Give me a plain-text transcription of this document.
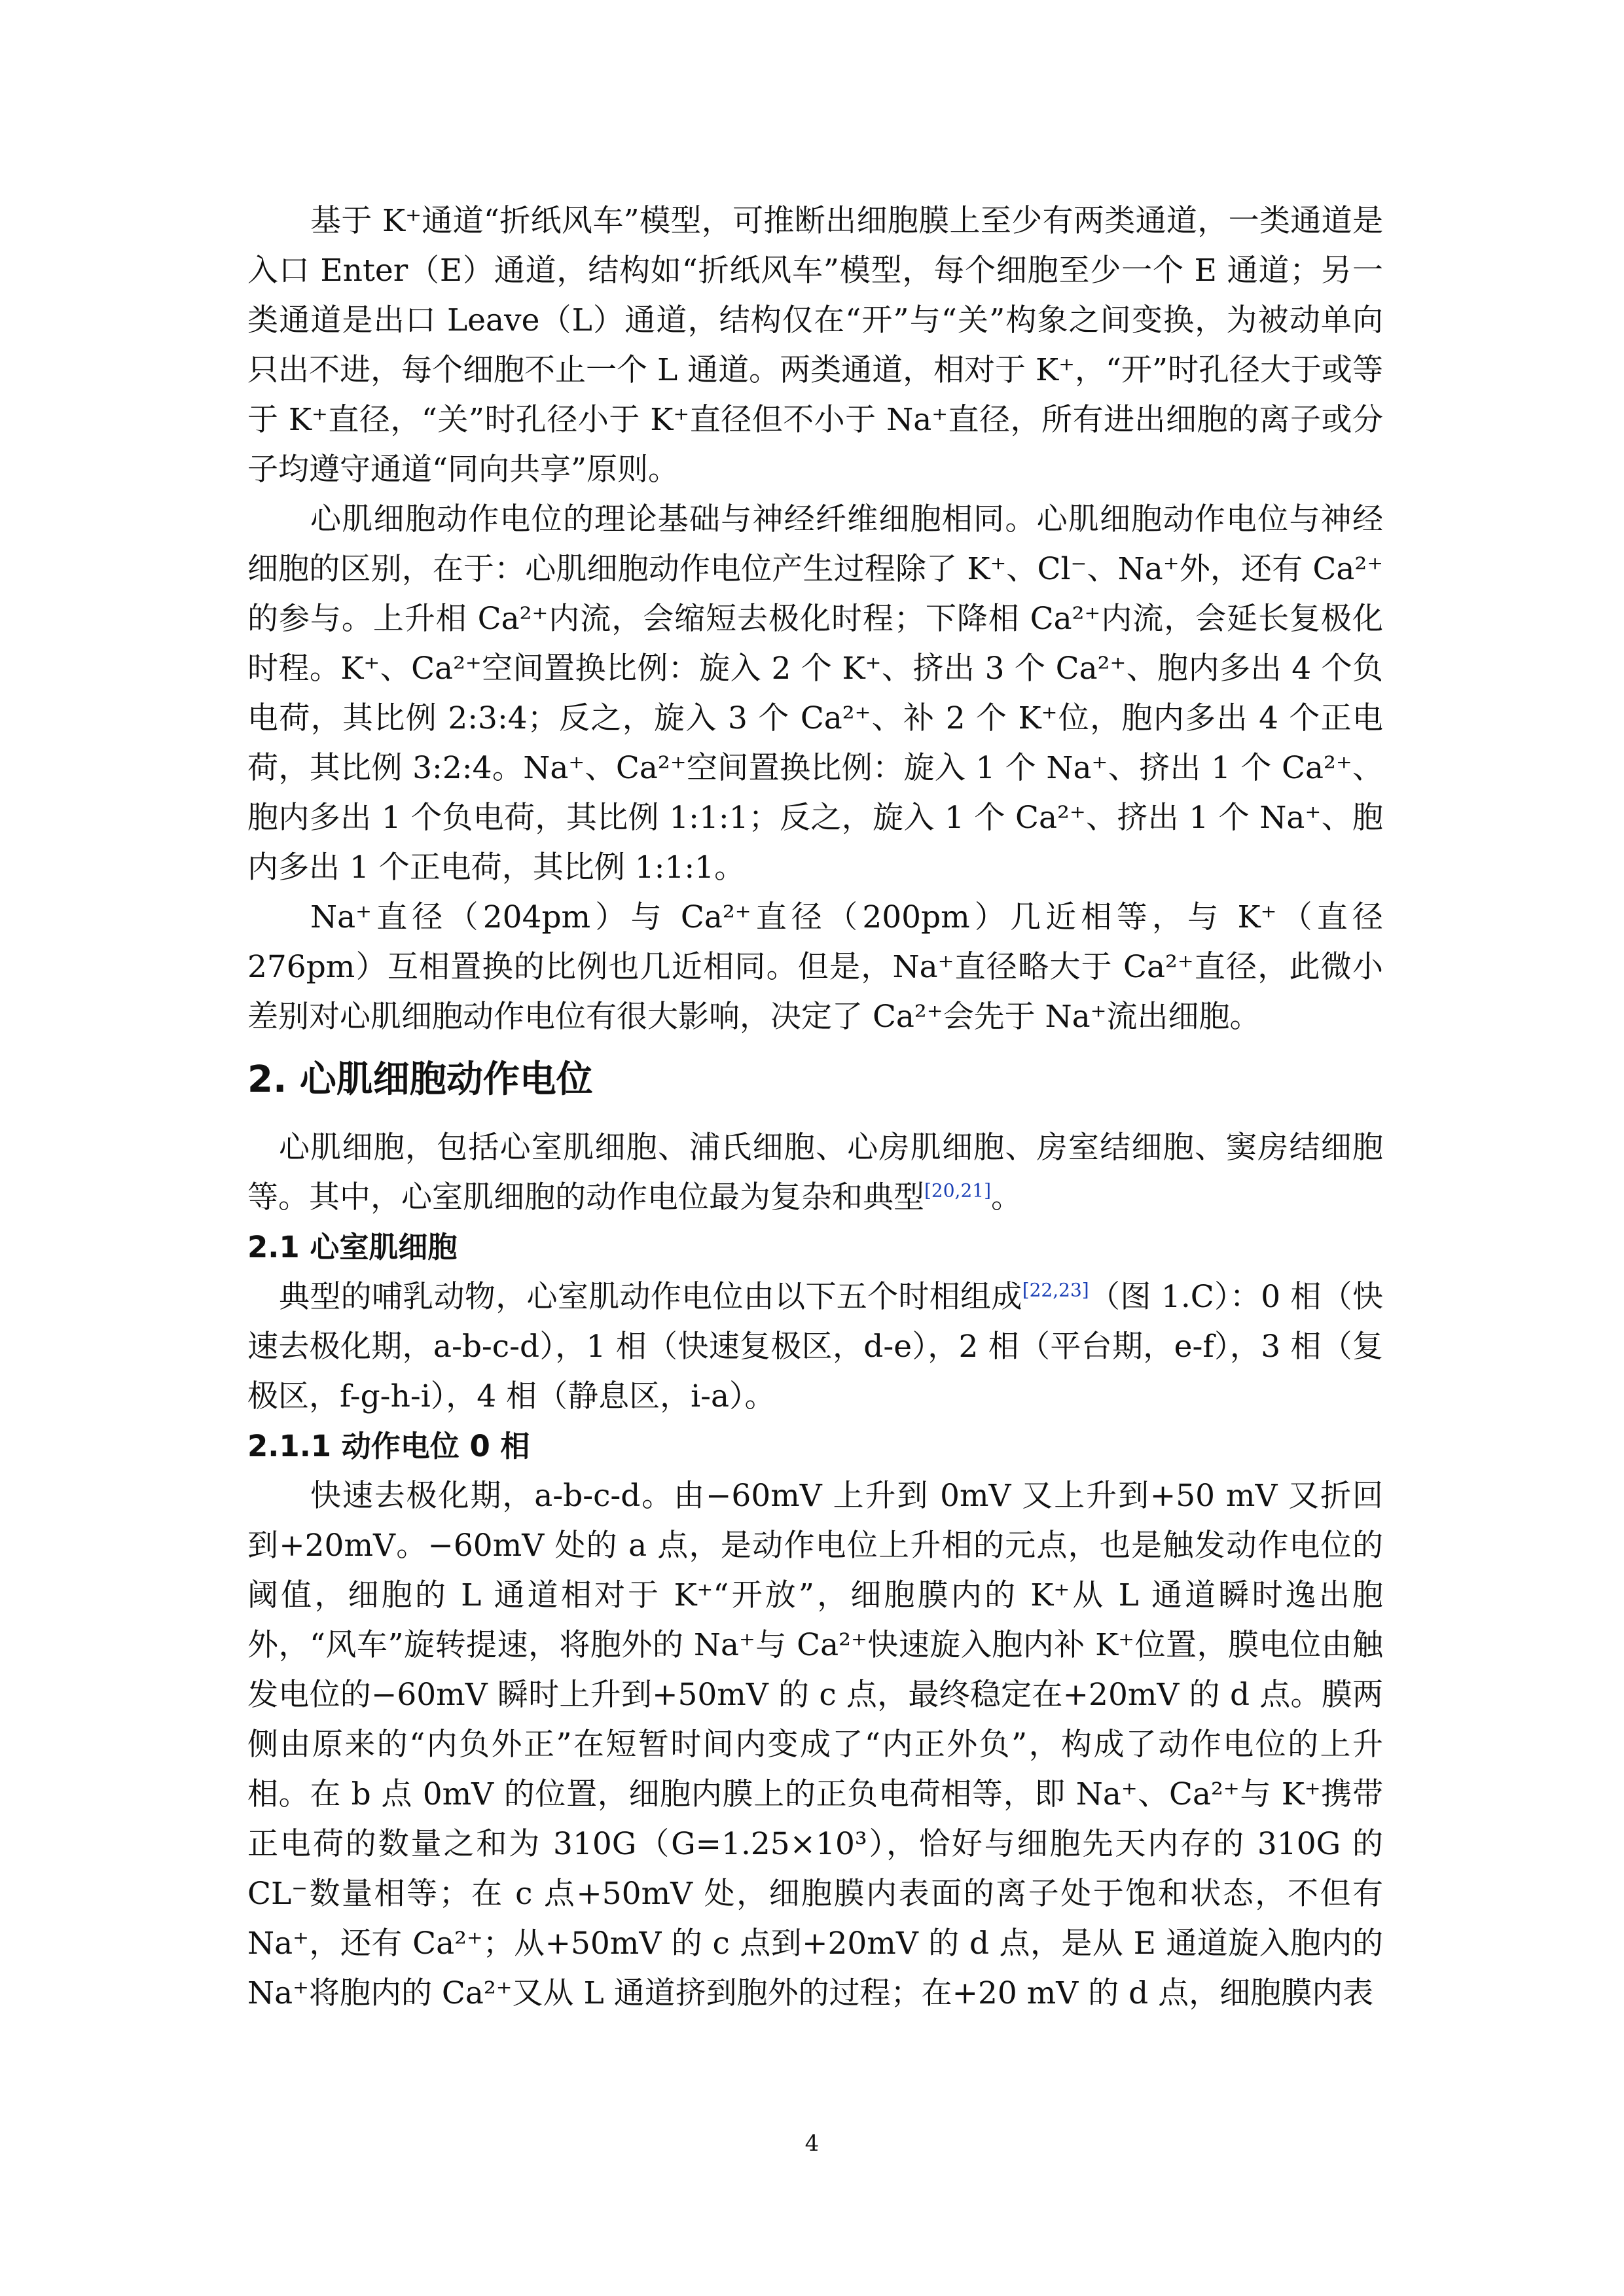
基于 K⁺通道“折纸风车”模型，可推断出细胞膜上至少有两类通道，一类通道是入口 Enter（E）通道，结构如“折纸风车”模型，每个细胞至少一个 E 通道；另一类通道是出口 Leave（L）通道，结构仅在“开”与“关”构象之间变换，为被动单向只出不进，每个细胞不止一个 L 通道。两类通道，相对于 K⁺，“开”时孔径大于或等于 K⁺直径，“关”时孔径小于 K⁺直径但不小于 Na⁺直径，所有进出细胞的离子或分子均遵守通道“同向共享”原则。

心肌细胞动作电位的理论基础与神经纤维细胞相同。心肌细胞动作电位与神经细胞的区别，在于：心肌细胞动作电位产生过程除了 K⁺、Cl⁻、Na⁺外，还有 Ca²⁺的参与。上升相 Ca²⁺内流，会缩短去极化时程；下降相 Ca²⁺内流，会延长复极化时程。K⁺、Ca²⁺空间置换比例：旋入 2 个 K⁺、挤出 3 个 Ca²⁺、胞内多出 4 个负电荷，其比例 2:3:4；反之，旋入 3 个 Ca²⁺、补 2 个 K⁺位，胞内多出 4 个正电荷，其比例 3:2:4。Na⁺、Ca²⁺空间置换比例：旋入 1 个 Na⁺、挤出 1 个 Ca²⁺、胞内多出 1 个负电荷，其比例 1:1:1；反之，旋入 1 个 Ca²⁺、挤出 1 个 Na⁺、胞内多出 1 个正电荷，其比例 1:1:1。

Na⁺直径（204pm）与 Ca²⁺直径（200pm）几近相等，与 K⁺（直径 276pm）互相置换的比例也几近相同。但是，Na⁺直径略大于 Ca²⁺直径，此微小差别对心肌细胞动作电位有很大影响，决定了 Ca²⁺会先于 Na⁺流出细胞。

2. 心肌细胞动作电位

心肌细胞，包括心室肌细胞、浦氏细胞、心房肌细胞、房室结细胞、窦房结细胞等。其中，心室肌细胞的动作电位最为复杂和典型[20,21]。

2.1 心室肌细胞

典型的哺乳动物，心室肌动作电位由以下五个时相组成[22,23]（图 1.C）：0 相（快速去极化期，a-b-c-d），1 相（快速复极区，d-e），2 相（平台期，e-f），3 相（复极区，f-g-h-i），4 相（静息区，i-a）。

2.1.1 动作电位 0 相

快速去极化期，a-b-c-d。由−60mV 上升到 0mV 又上升到+50 mV 又折回到+20mV。−60mV 处的 a 点，是动作电位上升相的元点，也是触发动作电位的阈值，细胞的 L 通道相对于 K⁺“开放”，细胞膜内的 K⁺从 L 通道瞬时逸出胞外，“风车”旋转提速，将胞外的 Na⁺与 Ca²⁺快速旋入胞内补 K⁺位置，膜电位由触发电位的−60mV 瞬时上升到+50mV 的 c 点，最终稳定在+20mV 的 d 点。膜两侧由原来的“内负外正”在短暂时间内变成了“内正外负”，构成了动作电位的上升相。在 b 点 0mV 的位置，细胞内膜上的正负电荷相等，即 Na⁺、Ca²⁺与 K⁺携带正电荷的数量之和为 310G（G=1.25×10³），恰好与细胞先天内存的 310G 的 CL⁻数量相等；在 c 点+50mV 处，细胞膜内表面的离子处于饱和状态，不但有 Na⁺，还有 Ca²⁺；从+50mV 的 c 点到+20mV 的 d 点，是从 E 通道旋入胞内的 Na⁺将胞内的 Ca²⁺又从 L 通道挤到胞外的过程；在+20 mV 的 d 点，细胞膜内表

4
